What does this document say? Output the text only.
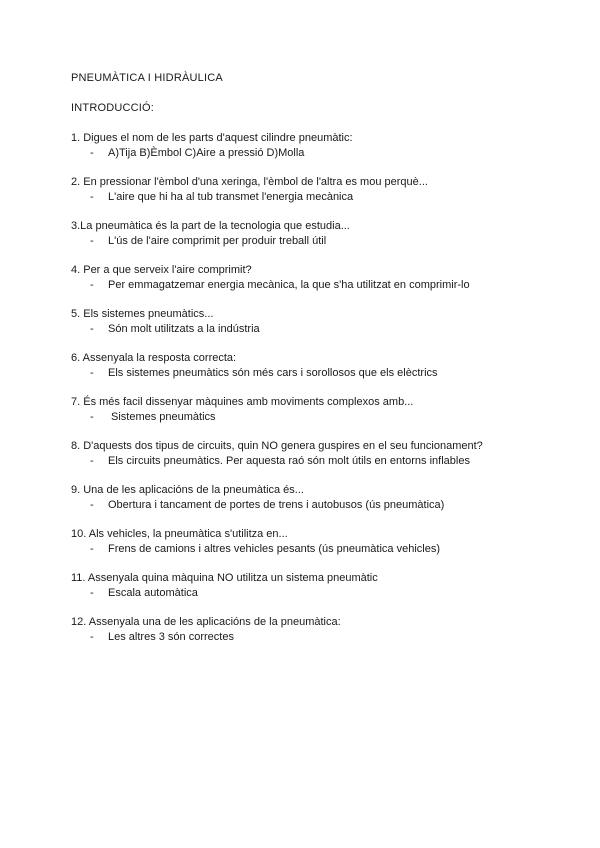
PNEUMÀTICA I HIDRÀULICA
INTRODUCCIÓ:

1. Digues el nom de les parts d'aquest cilindre pneumàtic:

- A)Tija B)Èmbol C)Aire a pressió D)Molla

2. En pressionar l'èmbol d'una xeringa, l'èmbol de l'altra es mou perquè...

- L'aire que hi ha al tub transmet l'energia mecànica

3.La pneumàtica és la part de la tecnologia que estudia...

- L'ús de l'aire comprimit per produir treball útil

4. Per a que serveix l'aire comprimit?

- Per emmagatzemar energia mecànica, la que s'ha utilitzat en comprimir-lo

5. Els sistemes pneumàtics...

- Són molt utilitzats a la indústria

6. Assenyala la resposta correcta:

- Els sistemes pneumàtics són més cars i sorollosos que els elèctrics

7. És més facil dissenyar màquines amb moviments complexos amb...

- Sistemes pneumàtics

8. D'aquests dos tipus de circuits, quin NO genera guspires en el seu funcionament?

- Els circuits pneumàtics. Per aquesta raó són molt útils en entorns inflables

9. Una de les aplicacións de la pneumàtica és...

- Obertura i tancament de portes de trens i autobusos (ús pneumàtica)

10. Als vehicles, la pneumàtica s'utilitza en...

- Frens de camions i altres vehicles pesants (ús pneumàtica vehicles)

11. Assenyala quina màquina NO utilitza un sistema pneumàtic

- Escala automàtica

12. Assenyala una de les aplicacións de la pneumàtica:

- Les altres 3 són correctes
